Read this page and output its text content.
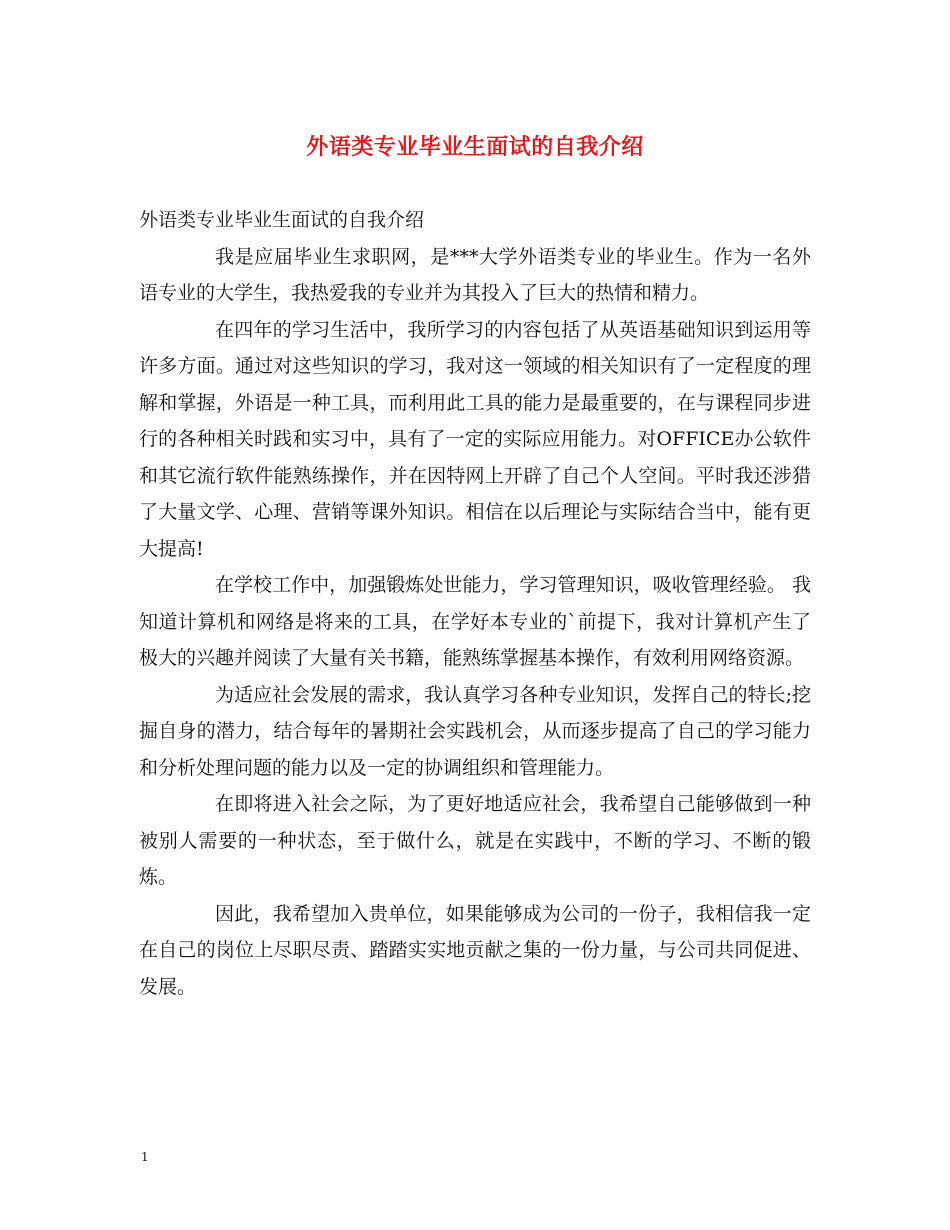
外语类专业毕业生面试的自我介绍

外语类专业毕业生面试的自我介绍

我是应届毕业生求职网，是***大学外语类专业的毕业生。作为一名外语专业的大学生，我热爱我的专业并为其投入了巨大的热情和精力。

在四年的学习生活中，我所学习的内容包括了从英语基础知识到运用等许多方面。通过对这些知识的学习，我对这一领域的相关知识有了一定程度的理解和掌握，外语是一种工具，而利用此工具的能力是最重要的，在与课程同步进行的各种相关时践和实习中，具有了一定的实际应用能力。对OFFICE办公软件和其它流行软件能熟练操作，并在因特网上开辟了自己个人空间。平时我还涉猎了大量文学、心理、营销等课外知识。相信在以后理论与实际结合当中，能有更大提高!

在学校工作中，加强锻炼处世能力，学习管理知识，吸收管理经验。 我知道计算机和网络是将来的工具，在学好本专业的`前提下，我对计算机产生了极大的兴趣并阅读了大量有关书籍，能熟练掌握基本操作，有效利用网络资源。

为适应社会发展的需求，我认真学习各种专业知识，发挥自己的特长;挖掘自身的潜力，结合每年的暑期社会实践机会，从而逐步提高了自己的学习能力和分析处理问题的能力以及一定的协调组织和管理能力。

在即将进入社会之际，为了更好地适应社会，我希望自己能够做到一种被别人需要的一种状态，至于做什么，就是在实践中，不断的学习、不断的锻炼。

因此，我希望加入贵单位，如果能够成为公司的一份子，我相信我一定在自己的岗位上尽职尽责、踏踏实实地贡献之集的一份力量，与公司共同促进、发展。

1
